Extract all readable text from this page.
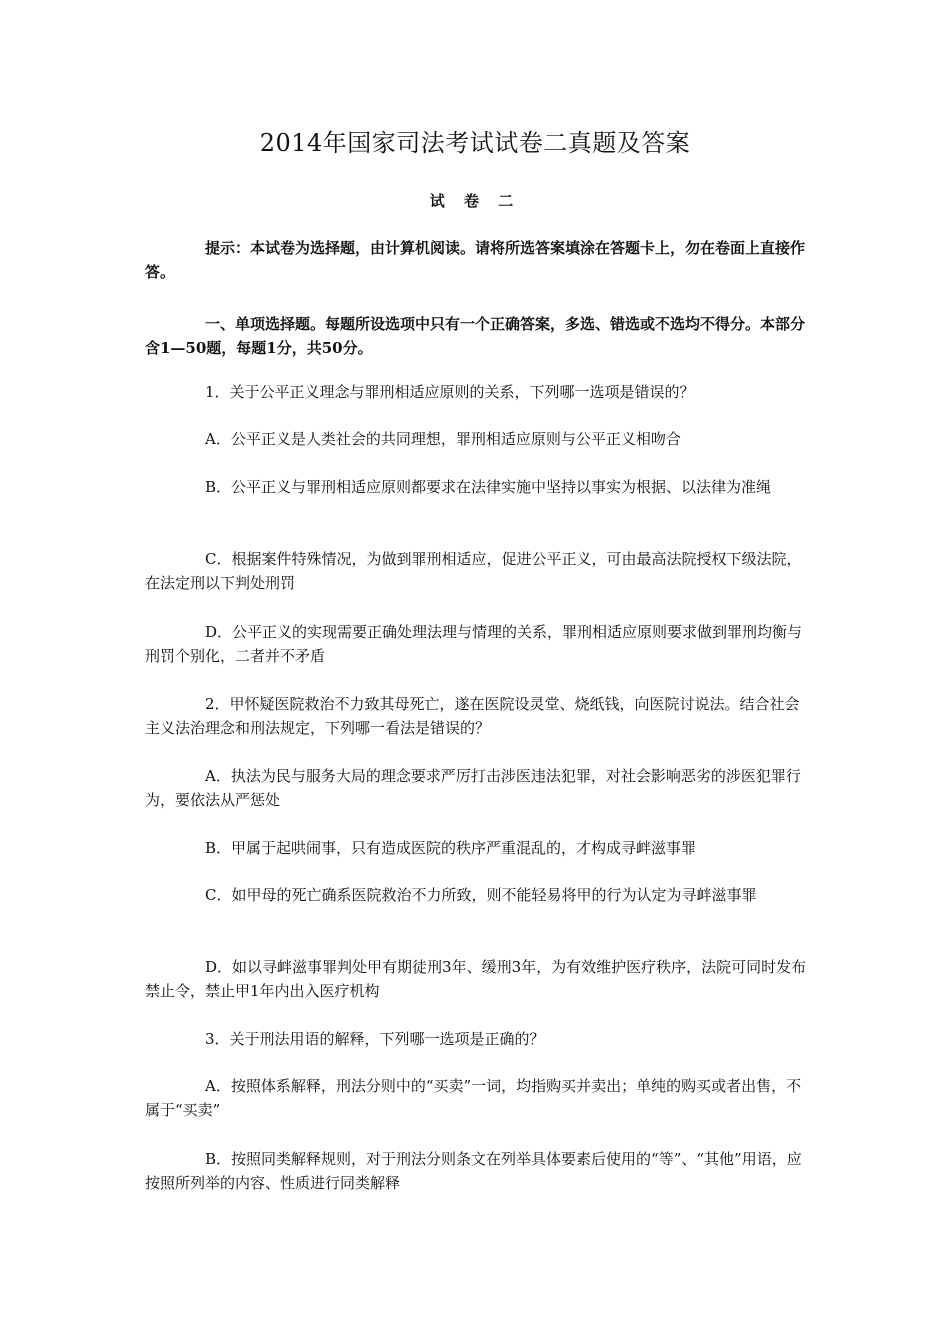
2014年国家司法考试试卷二真题及答案
试 卷 二

提示：本试卷为选择题，由计算机阅读。请将所选答案填涂在答题卡上，勿在卷面上直接作答。

一、单项选择题。每题所设选项中只有一个正确答案，多选、错选或不选均不得分。本部分含1—50题，每题1分，共50分。

1．关于公平正义理念与罪刑相适应原则的关系，下列哪一选项是错误的？

A．公平正义是人类社会的共同理想，罪刑相适应原则与公平正义相吻合

B．公平正义与罪刑相适应原则都要求在法律实施中坚持以事实为根据、以法律为准绳

C．根据案件特殊情况，为做到罪刑相适应，促进公平正义，可由最高法院授权下级法院，在法定刑以下判处刑罚

D．公平正义的实现需要正确处理法理与情理的关系，罪刑相适应原则要求做到罪刑均衡与刑罚个别化，二者并不矛盾

2．甲怀疑医院救治不力致其母死亡，遂在医院设灵堂、烧纸钱，向医院讨说法。结合社会主义法治理念和刑法规定，下列哪一看法是错误的？

A．执法为民与服务大局的理念要求严厉打击涉医违法犯罪，对社会影响恶劣的涉医犯罪行为，要依法从严惩处

B．甲属于起哄闹事，只有造成医院的秩序严重混乱的，才构成寻衅滋事罪

C．如甲母的死亡确系医院救治不力所致，则不能轻易将甲的行为认定为寻衅滋事罪

D．如以寻衅滋事罪判处甲有期徒刑3年、缓刑3年，为有效维护医疗秩序，法院可同时发布禁止令，禁止甲1年内出入医疗机构

3．关于刑法用语的解释，下列哪一选项是正确的？

A．按照体系解释，刑法分则中的“买卖”一词，均指购买并卖出；单纯的购买或者出售，不属于“买卖”

B．按照同类解释规则，对于刑法分则条文在列举具体要素后使用的“等”、“其他”用语，应按照所列举的内容、性质进行同类解释
